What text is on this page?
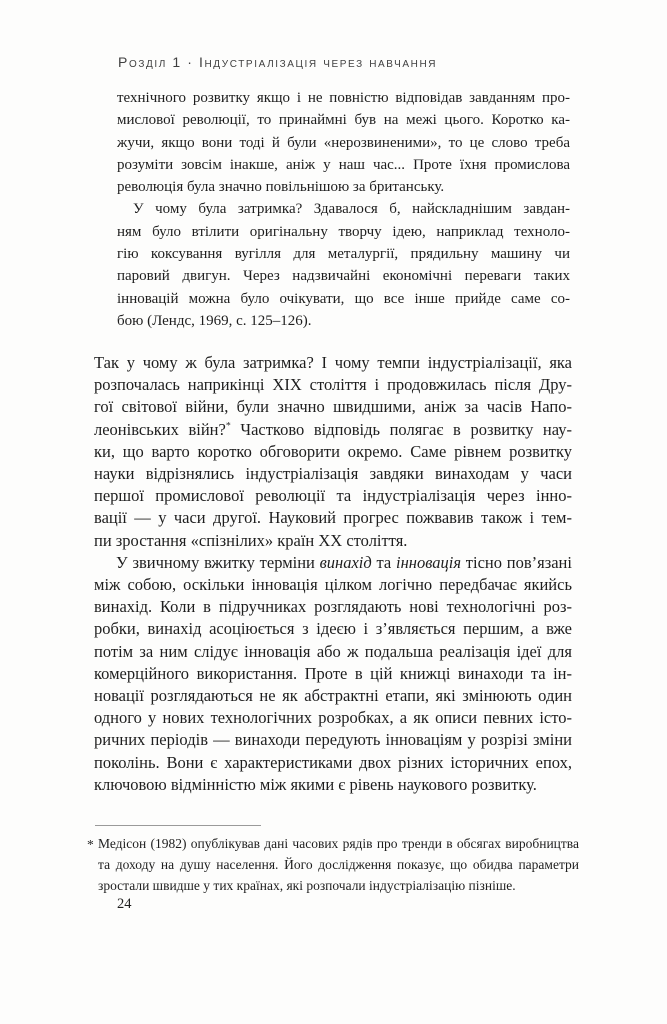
Розділ 1 · Індустріалізація через навчання
технічного розвитку якщо і не повністю відповідав завданням про-
мислової революції, то принаймні був на межі цього. Коротко ка-
жучи, якщо вони тоді й були «нерозвиненими», то це слово треба
розуміти зовсім інакше, аніж у наш час... Проте їхня промислова
революція була значно повільнішою за британську.
У чому була затримка? Здавалося б, найскладнішим завдан-
ням було втілити оригінальну творчу ідею, наприклад техноло-
гію коксування вугілля для металургії, прядильну машину чи
паровий двигун. Через надзвичайні економічні переваги таких
інновацій можна було очікувати, що все інше прийде саме со-
бою (Лендс, 1969, с. 125–126).
Так у чому ж була затримка? І чому темпи індустріалізації, яка
розпочалась наприкінці XIX століття і продовжилась після Дру-
гої світової війни, були значно швидшими, аніж за часів Напо-
леонівських війн?* Частково відповідь полягає в розвитку нау-
ки, що варто коротко обговорити окремо. Саме рівнем розвитку
науки відрізнялись індустріалізація завдяки винаходам у часи
першої промислової революції та індустріалізація через інно-
вації — у часи другої. Науковий прогрес пожвавив також і тем-
пи зростання «спізнілих» країн XX століття.
У звичному вжитку терміни винахід та інновація тісно пов’язані
між собою, оскільки інновація цілком логічно передбачає якийсь
винахід. Коли в підручниках розглядають нові технологічні роз-
робки, винахід асоціюється з ідеєю і з’являється першим, а вже
потім за ним слідує інновація або ж подальша реалізація ідеї для
комерційного використання. Проте в цій книжці винаходи та ін-
новації розглядаються не як абстрактні етапи, які змінюють один
одного у нових технологічних розробках, а як описи певних істо-
ричних періодів — винаходи передують інноваціям у розрізі зміни
поколінь. Вони є характеристиками двох різних історичних епох,
ключовою відмінністю між якими є рівень наукового розвитку.
* Медісон (1982) опублікував дані часових рядів про тренди в обсягах виробництва
та доходу на душу населення. Його дослідження показує, що обидва параметри
зростали швидше у тих країнах, які розпочали індустріалізацію пізніше.
24
